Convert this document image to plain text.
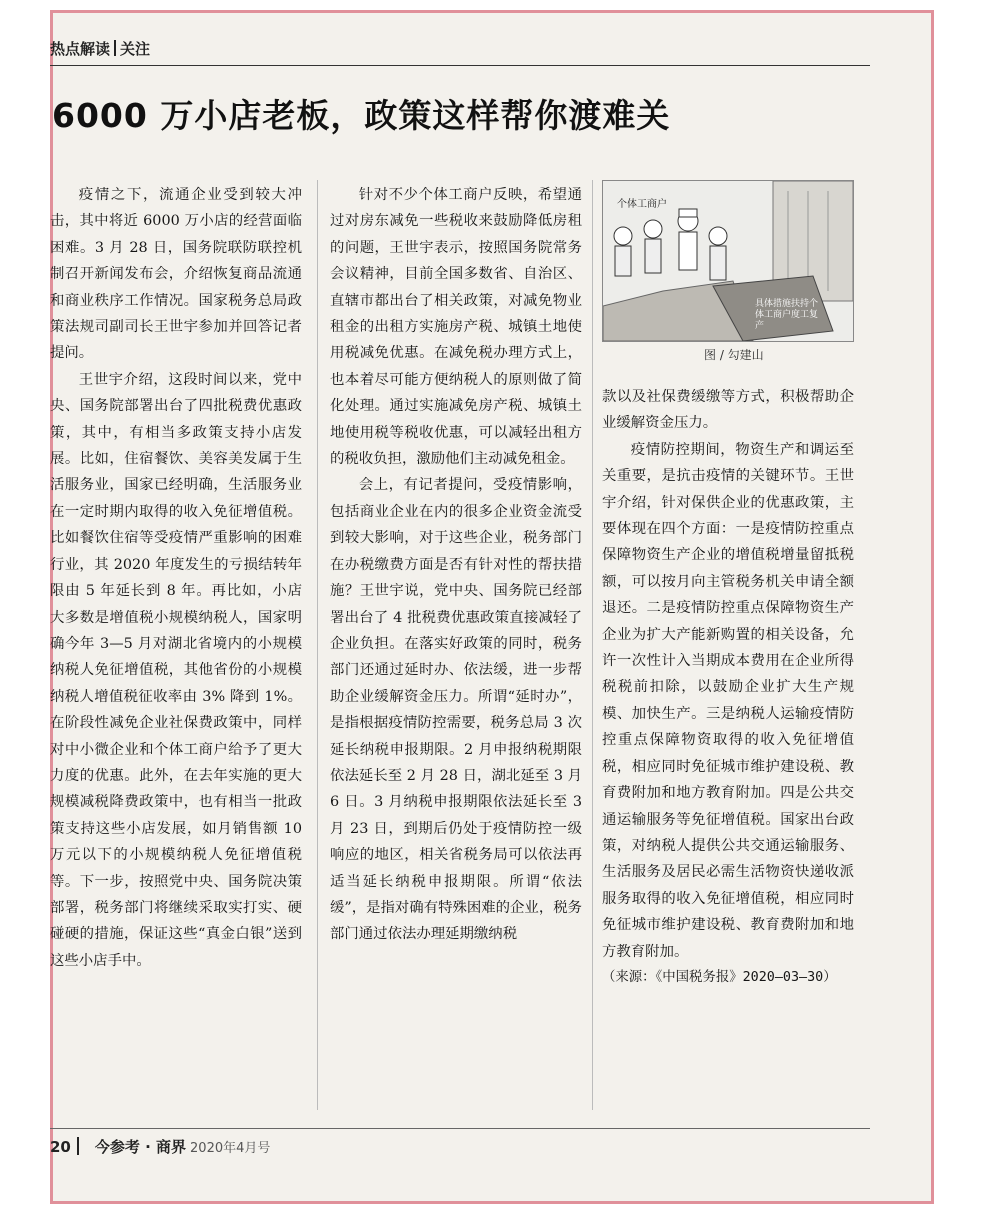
热点解读 关注
6000 万小店老板，政策这样帮你渡难关

疫情之下，流通企业受到较大冲击，其中将近 6000 万小店的经营面临困难。3 月 28 日，国务院联防联控机制召开新闻发布会，介绍恢复商品流通和商业秩序工作情况。国家税务总局政策法规司副司长王世宇参加并回答记者提问。

王世宇介绍，这段时间以来，党中央、国务院部署出台了四批税费优惠政策，其中，有相当多政策支持小店发展。比如，住宿餐饮、美容美发属于生活服务业，国家已经明确，生活服务业在一定时期内取得的收入免征增值税。比如餐饮住宿等受疫情严重影响的困难行业，其 2020 年度发生的亏损结转年限由 5 年延长到 8 年。再比如，小店大多数是增值税小规模纳税人，国家明确今年 3—5 月对湖北省境内的小规模纳税人免征增值税，其他省份的小规模纳税人增值税征收率由 3% 降到 1%。在阶段性减免企业社保费政策中，同样对中小微企业和个体工商户给予了更大力度的优惠。此外，在去年实施的更大规模减税降费政策中，也有相当一批政策支持这些小店发展，如月销售额 10 万元以下的小规模纳税人免征增值税等。下一步，按照党中央、国务院决策部署，税务部门将继续采取实打实、硬碰硬的措施，保证这些“真金白银”送到这些小店手中。

针对不少个体工商户反映，希望通过对房东减免一些税收来鼓励降低房租的问题，王世宇表示，按照国务院常务会议精神，目前全国多数省、自治区、直辖市都出台了相关政策，对减免物业租金的出租方实施房产税、城镇土地使用税减免优惠。在减免税办理方式上，也本着尽可能方便纳税人的原则做了简化处理。通过实施减免房产税、城镇土地使用税等税收优惠，可以减轻出租方的税收负担，激励他们主动减免租金。

会上，有记者提问，受疫情影响，包括商业企业在内的很多企业资金流受到较大影响，对于这些企业，税务部门在办税缴费方面是否有针对性的帮扶措施？王世宇说，党中央、国务院已经部署出台了 4 批税费优惠政策直接减轻了企业负担。在落实好政策的同时，税务部门还通过延时办、依法缓，进一步帮助企业缓解资金压力。所谓“延时办”，是指根据疫情防控需要，税务总局 3 次延长纳税申报期限。2 月申报纳税期限依法延长至 2 月 28 日，湖北延至 3 月 6 日。3 月纳税申报期限依法延长至 3 月 23 日，到期后仍处于疫情防控一级响应的地区，相关省税务局可以依法再适当延长纳税申报期限。所谓“依法缓”，是指对确有特殊困难的企业，税务部门通过依法办理延期缴纳税

个体工商户
具体措施扶持个体工商户度工复产
图 / 勾建山

款以及社保费缓缴等方式，积极帮助企业缓解资金压力。

疫情防控期间，物资生产和调运至关重要，是抗击疫情的关键环节。王世宇介绍，针对保供企业的优惠政策，主要体现在四个方面：一是疫情防控重点保障物资生产企业的增值税增量留抵税额，可以按月向主管税务机关申请全额退还。二是疫情防控重点保障物资生产企业为扩大产能新购置的相关设备，允许一次性计入当期成本费用在企业所得税税前扣除，以鼓励企业扩大生产规模、加快生产。三是纳税人运输疫情防控重点保障物资取得的收入免征增值税，相应同时免征城市维护建设税、教育费附加和地方教育附加。四是公共交通运输服务等免征增值税。国家出台政策，对纳税人提供公共交通运输服务、生活服务及居民必需生活物资快递收派服务取得的收入免征增值税，相应同时免征城市维护建设税、教育费附加和地方教育附加。

（来源：《中国税务报》2020—03—30）

20 今参考 · 商界 2020年4月号
